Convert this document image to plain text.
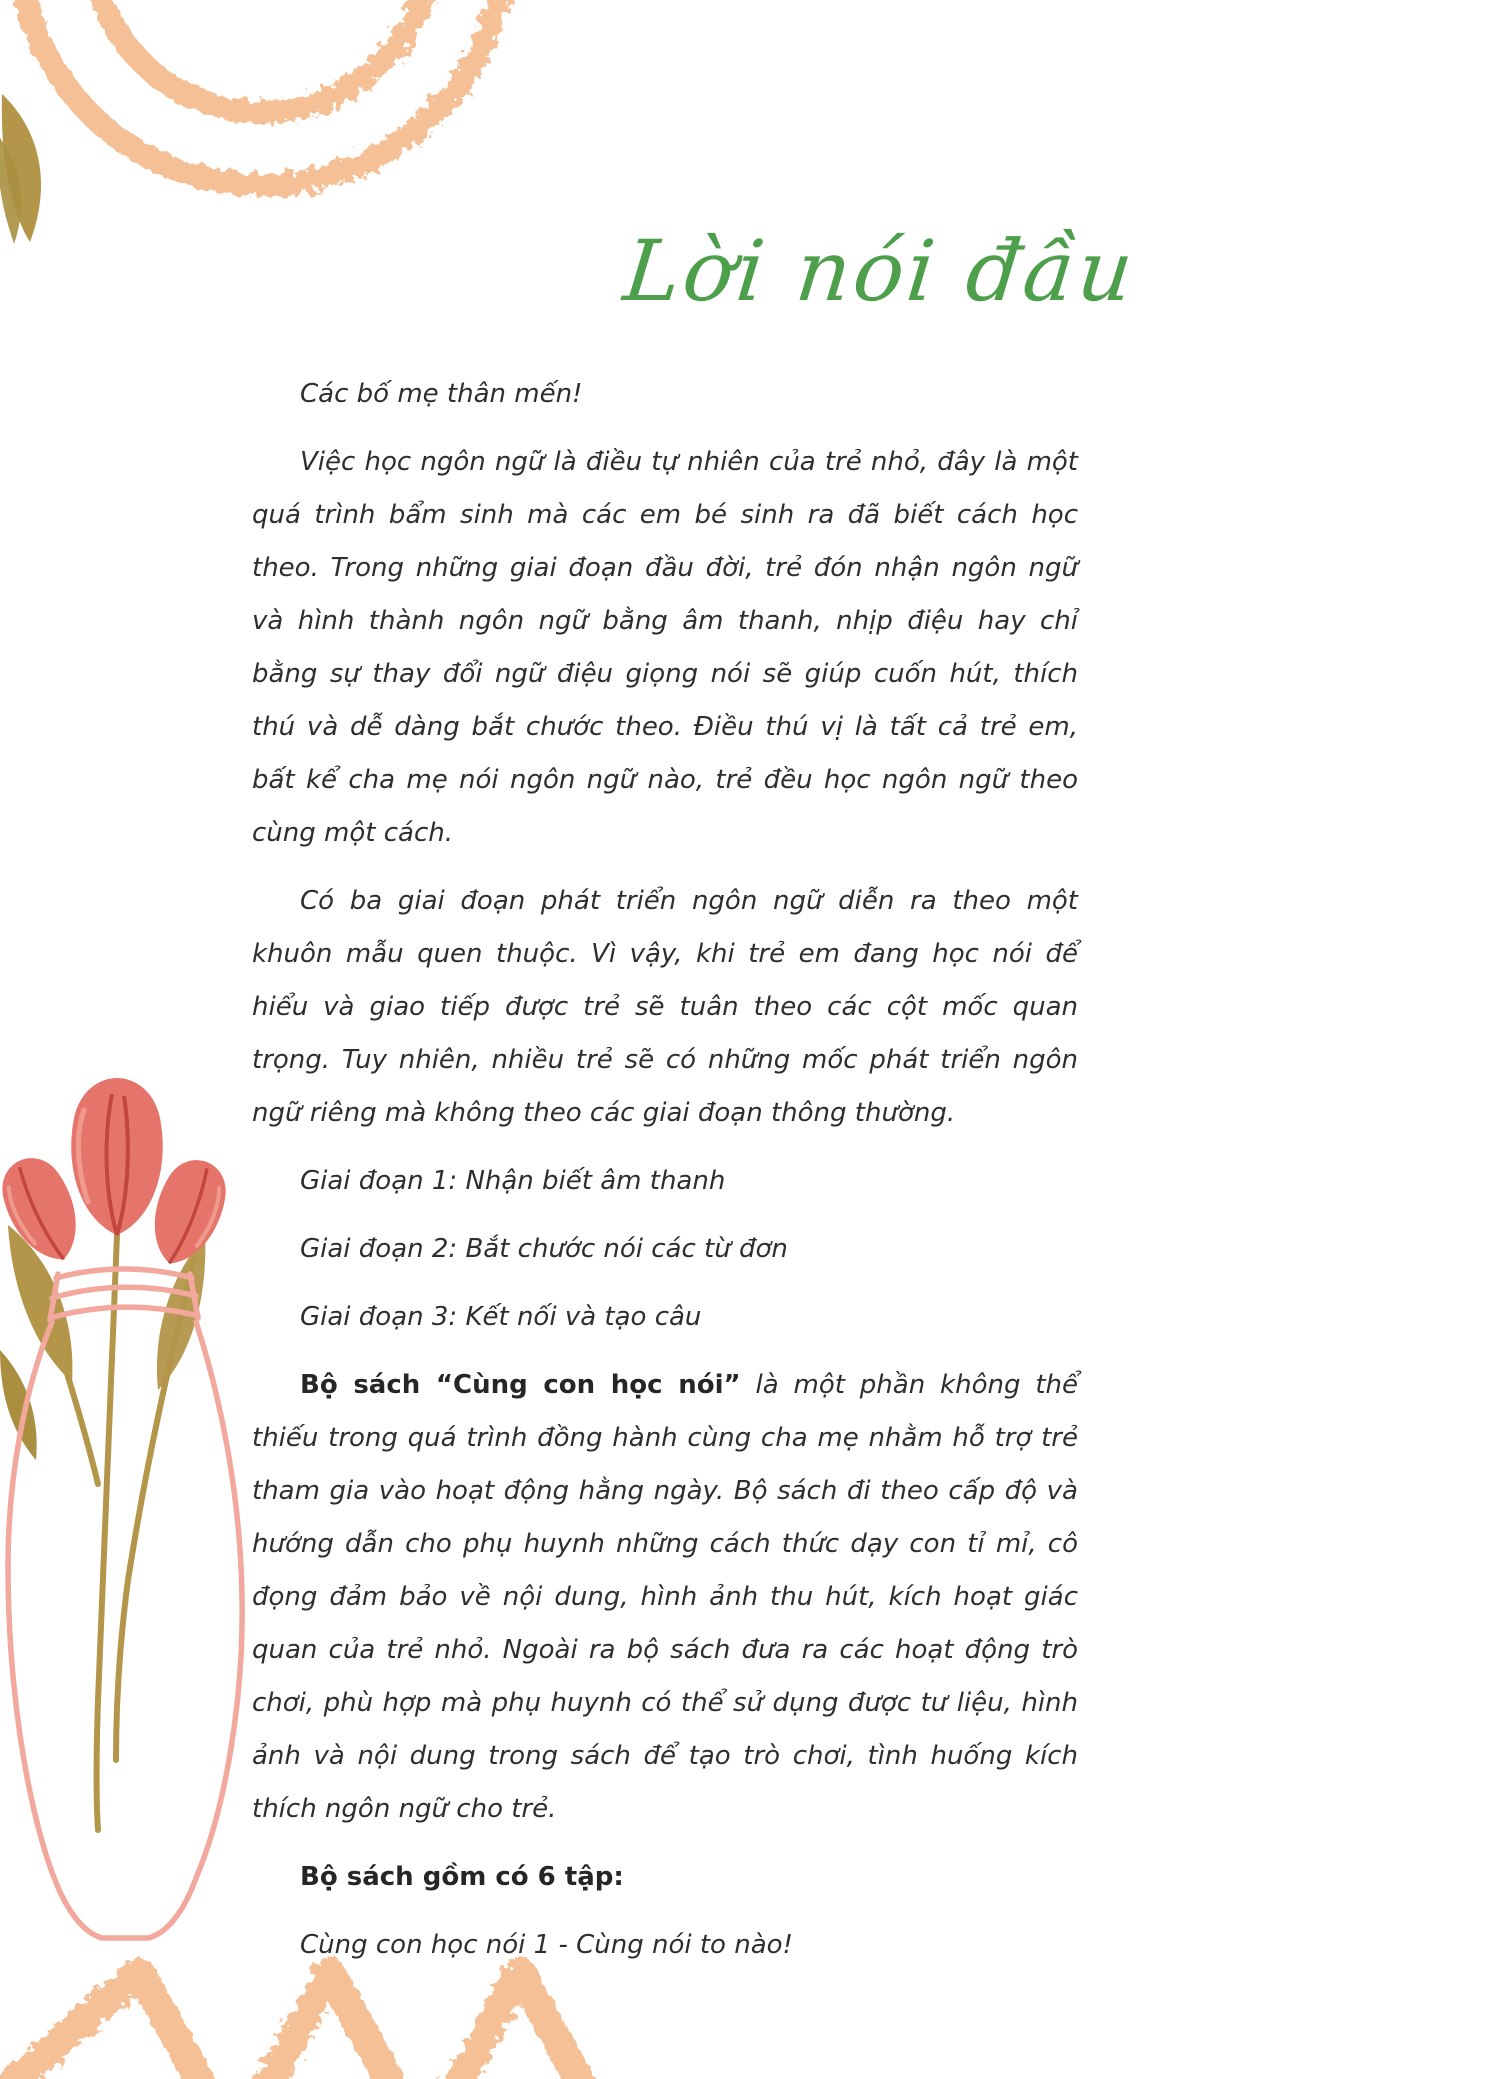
Lời nói đầu

Các bố mẹ thân mến!

Việc học ngôn ngữ là điều tự nhiên của trẻ nhỏ, đây là một quá trình bẩm sinh mà các em bé sinh ra đã biết cách học theo. Trong những giai đoạn đầu đời, trẻ đón nhận ngôn ngữ và hình thành ngôn ngữ bằng âm thanh, nhịp điệu hay chỉ bằng sự thay đổi ngữ điệu giọng nói sẽ giúp cuốn hút, thích thú và dễ dàng bắt chước theo. Điều thú vị là tất cả trẻ em, bất kể cha mẹ nói ngôn ngữ nào, trẻ đều học ngôn ngữ theo cùng một cách.

Có ba giai đoạn phát triển ngôn ngữ diễn ra theo một khuôn mẫu quen thuộc. Vì vậy, khi trẻ em đang học nói để hiểu và giao tiếp được trẻ sẽ tuân theo các cột mốc quan trọng. Tuy nhiên, nhiều trẻ sẽ có những mốc phát triển ngôn ngữ riêng mà không theo các giai đoạn thông thường.

Giai đoạn 1: Nhận biết âm thanh

Giai đoạn 2: Bắt chước nói các từ đơn

Giai đoạn 3: Kết nối và tạo câu

Bộ sách “Cùng con học nói” là một phần không thể thiếu trong quá trình đồng hành cùng cha mẹ nhằm hỗ trợ trẻ tham gia vào hoạt động hằng ngày. Bộ sách đi theo cấp độ và hướng dẫn cho phụ huynh những cách thức dạy con tỉ mỉ, cô đọng đảm bảo về nội dung, hình ảnh thu hút, kích hoạt giác quan của trẻ nhỏ. Ngoài ra bộ sách đưa ra các hoạt động trò chơi, phù hợp mà phụ huynh có thể sử dụng được tư liệu, hình ảnh và nội dung trong sách để tạo trò chơi, tình huống kích thích ngôn ngữ cho trẻ.

Bộ sách gồm có 6 tập:

Cùng con học nói 1 - Cùng nói to nào!
